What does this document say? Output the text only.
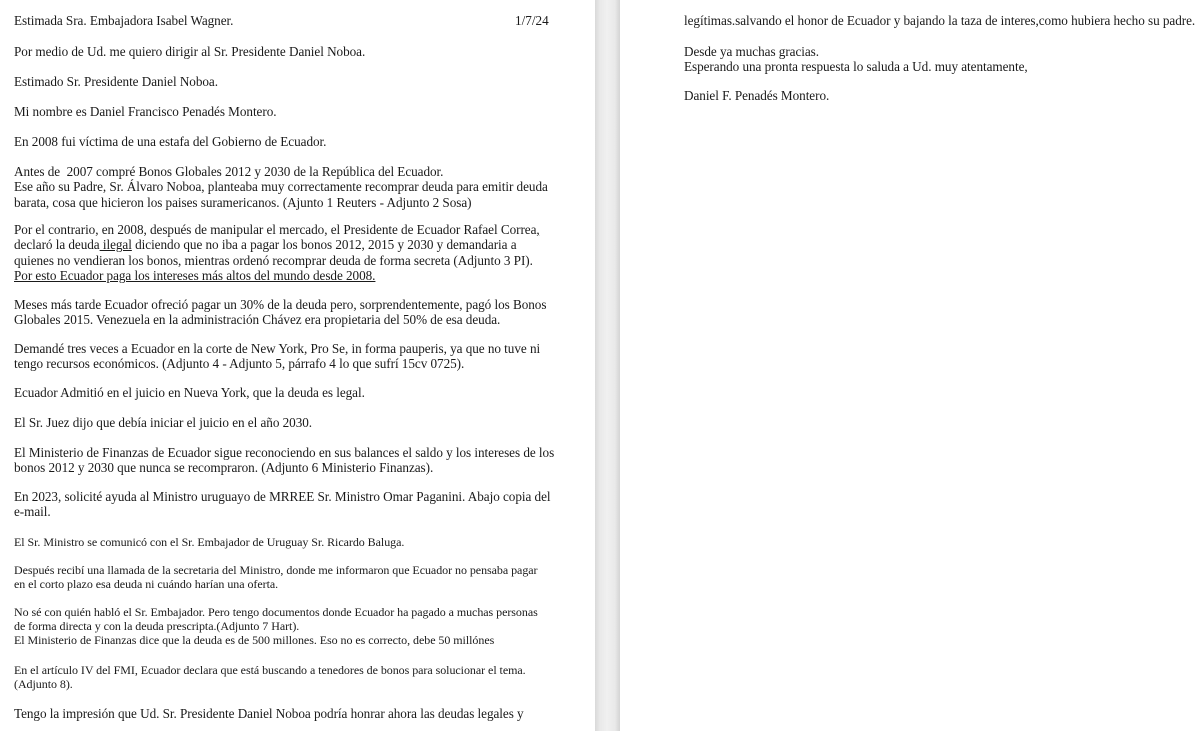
Estimada Sra. Embajadora Isabel Wagner.	1/7/24
Por medio de Ud. me quiero dirigir al Sr. Presidente Daniel Noboa.
Estimado Sr. Presidente Daniel Noboa.
Mi nombre es Daniel Francisco Penadés Montero.
En 2008 fui víctima de una estafa del Gobierno de Ecuador.
Antes de  2007 compré Bonos Globales 2012 y 2030 de la República del Ecuador.
Ese año su Padre, Sr. Álvaro Noboa, planteaba muy correctamente recomprar deuda para emitir deuda
barata, cosa que hicieron los paises suramericanos. (Ajunto 1 Reuters - Adjunto 2 Sosa)
Por el contrario, en 2008, después de manipular el mercado, el Presidente de Ecuador Rafael Correa,
declaró la deuda ilegal diciendo que no iba a pagar los bonos 2012, 2015 y 2030 y demandaria a
quienes no vendieran los bonos, mientras ordenó recomprar deuda de forma secreta (Adjunto 3 PI).
Por esto Ecuador paga los intereses más altos del mundo desde 2008.
Meses más tarde Ecuador ofreció pagar un 30% de la deuda pero, sorprendentemente, pagó los Bonos
Globales 2015. Venezuela en la administración Chávez era propietaria del 50% de esa deuda.
Demandé tres veces a Ecuador en la corte de New York, Pro Se, in forma pauperis, ya que no tuve ni
tengo recursos económicos. (Adjunto 4 - Adjunto 5, párrafo 4 lo que sufrí 15cv 0725).
Ecuador Admitió en el juicio en Nueva York, que la deuda es legal.
El Sr. Juez dijo que debía iniciar el juicio en el año 2030.
El Ministerio de Finanzas de Ecuador sigue reconociendo en sus balances el saldo y los intereses de los
bonos 2012 y 2030 que nunca se recompraron. (Adjunto 6 Ministerio Finanzas).
En 2023, solicité ayuda al Ministro uruguayo de MRREE Sr. Ministro Omar Paganini. Abajo copia del
e-mail.
El Sr. Ministro se comunicó con el Sr. Embajador de Uruguay Sr. Ricardo Baluga.
Después recibí una llamada de la secretaria del Ministro, donde me informaron que Ecuador no pensaba pagar
en el corto plazo esa deuda ni cuándo harían una oferta.
No sé con quién habló el Sr. Embajador. Pero tengo documentos donde Ecuador ha pagado a muchas personas
de forma directa y con la deuda prescripta.(Adjunto 7 Hart).
El Ministerio de Finanzas dice que la deuda es de 500 millones. Eso no es correcto, debe 50 millónes
En el artículo IV del FMI, Ecuador declara que está buscando a tenedores de bonos para solucionar el tema.
(Adjunto 8).
Tengo la impresión que Ud. Sr. Presidente Daniel Noboa podría honrar ahora las deudas legales y
legítimas.salvando el honor de Ecuador y bajando la taza de interes,como hubiera hecho su padre.
Desde ya muchas gracias.
Esperando una pronta respuesta lo saluda a Ud. muy atentamente,
Daniel F. Penadés Montero.
